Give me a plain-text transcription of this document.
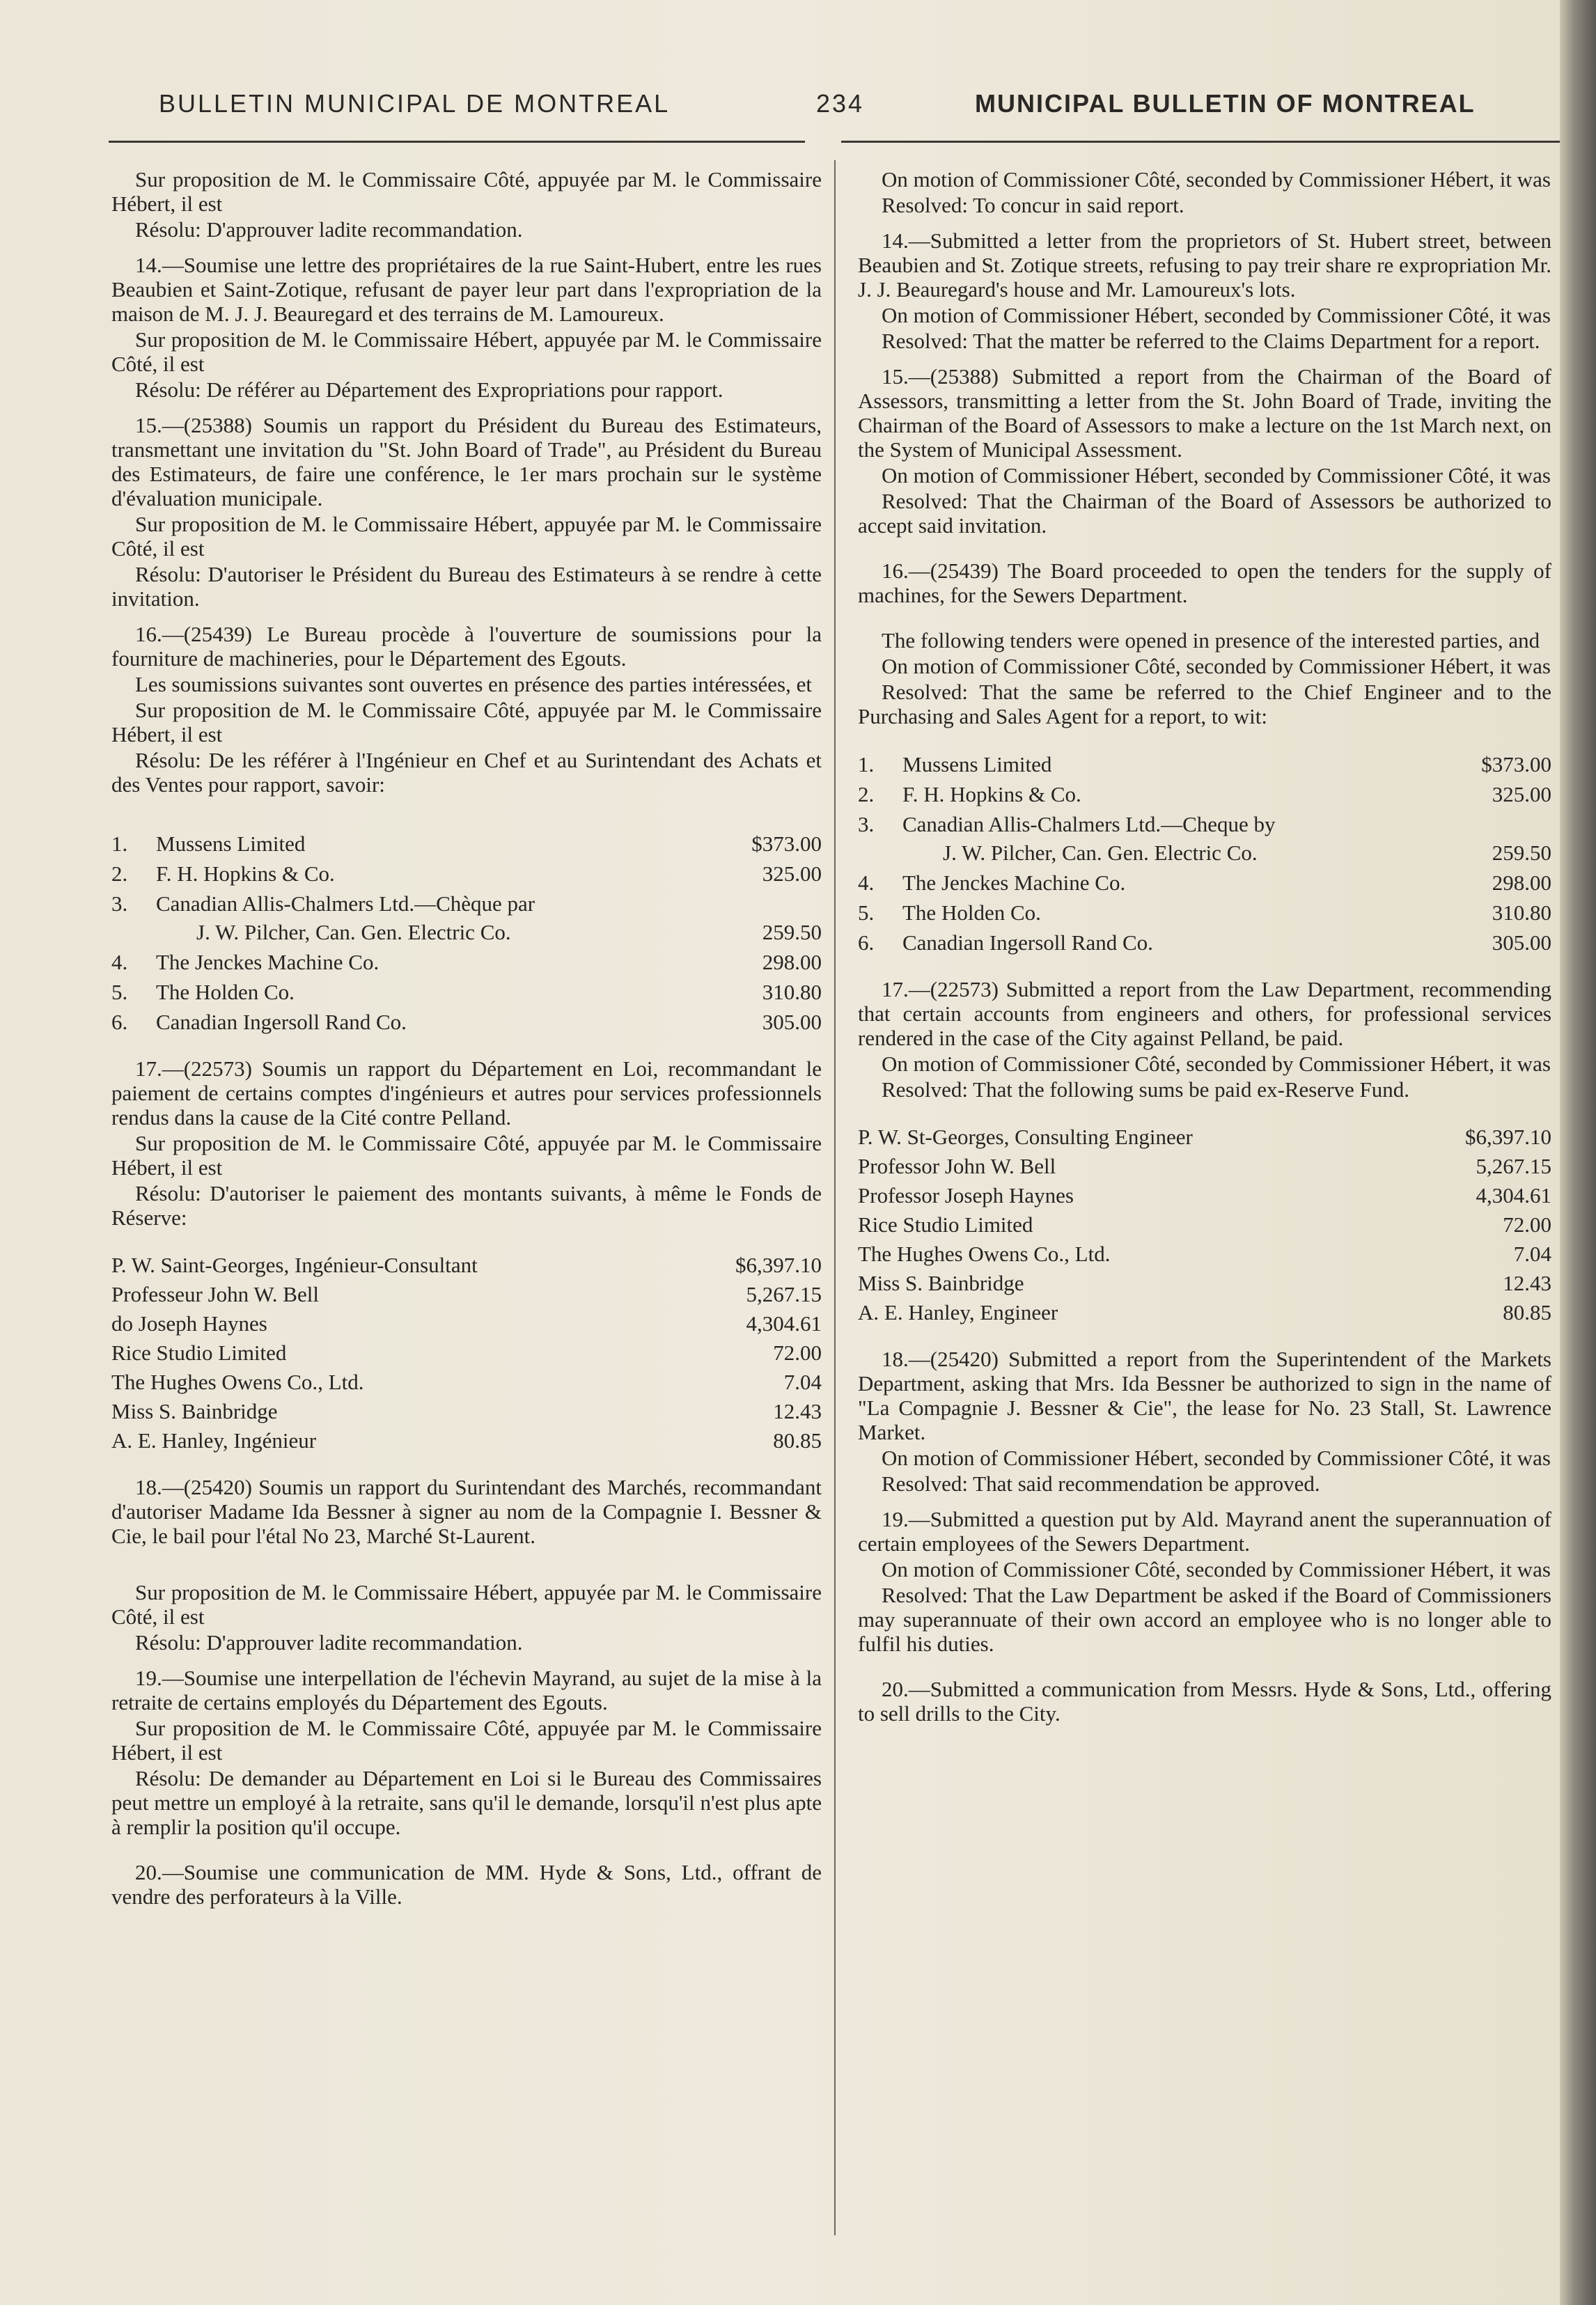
BULLETIN MUNICIPAL DE MONTREAL	234	MUNICIPAL BULLETIN OF MONTREAL

Sur proposition de M. le Commissaire Côté, appuyée par M. le Commissaire Hébert, il est

Résolu: D'approuver ladite recommandation.

14.—Soumise une lettre des propriétaires de la rue Saint-Hubert, entre les rues Beaubien et Saint-Zotique, refusant de payer leur part dans l'expropriation de la maison de M. J. J. Beauregard et des terrains de M. Lamoureux.

Sur proposition de M. le Commissaire Hébert, appuyée par M. le Commissaire Côté, il est

Résolu: De référer au Département des Expropriations pour rapport.

15.—(25388) Soumis un rapport du Président du Bureau des Estimateurs, transmettant une invitation du "St. John Board of Trade", au Président du Bureau des Estimateurs, de faire une conférence, le 1er mars prochain sur le système d'évaluation municipale.

Sur proposition de M. le Commissaire Hébert, appuyée par M. le Commissaire Côté, il est

Résolu: D'autoriser le Président du Bureau des Estimateurs à se rendre à cette invitation.

16.—(25439) Le Bureau procède à l'ouverture de soumissions pour la fourniture de machineries, pour le Département des Egouts.

Les soumissions suivantes sont ouvertes en présence des parties intéressées, et

Sur proposition de M. le Commissaire Côté, appuyée par M. le Commissaire Hébert, il est

Résolu: De les référer à l'Ingénieur en Chef et au Surintendant des Achats et des Ventes pour rapport, savoir:

1.	Mussens Limited	$373.00
2.	F. H. Hopkins & Co.	325.00
3.	Canadian Allis-Chalmers Ltd.—Chèque par
J. W. Pilcher, Can. Gen. Electric Co.	259.50
4.	The Jenckes Machine Co.	298.00
5.	The Holden Co.	310.80
6.	Canadian Ingersoll Rand Co.	305.00

17.—(22573) Soumis un rapport du Département en Loi, recommandant le paiement de certains comptes d'ingénieurs et autres pour services professionnels rendus dans la cause de la Cité contre Pelland.

Sur proposition de M. le Commissaire Côté, appuyée par M. le Commissaire Hébert, il est

Résolu: D'autoriser le paiement des montants suivants, à même le Fonds de Réserve:

P. W. Saint-Georges, Ingénieur-Consultant	$6,397.10
Professeur John W. Bell	5,267.15
do Joseph Haynes	4,304.61
Rice Studio Limited	72.00
The Hughes Owens Co., Ltd.	7.04
Miss S. Bainbridge	12.43
A. E. Hanley, Ingénieur	80.85

18.—(25420) Soumis un rapport du Surintendant des Marchés, recommandant d'autoriser Madame Ida Bessner à signer au nom de la Compagnie I. Bessner & Cie, le bail pour l'étal No 23, Marché St-Laurent.

Sur proposition de M. le Commissaire Hébert, appuyée par M. le Commissaire Côté, il est

Résolu: D'approuver ladite recommandation.

19.—Soumise une interpellation de l'échevin Mayrand, au sujet de la mise à la retraite de certains employés du Département des Egouts.

Sur proposition de M. le Commissaire Côté, appuyée par M. le Commissaire Hébert, il est

Résolu: De demander au Département en Loi si le Bureau des Commissaires peut mettre un employé à la retraite, sans qu'il le demande, lorsqu'il n'est plus apte à remplir la position qu'il occupe.

20.—Soumise une communication de MM. Hyde & Sons, Ltd., offrant de vendre des perforateurs à la Ville.

On motion of Commissioner Côté, seconded by Commissioner Hébert, it was

Resolved: To concur in said report.

14.—Submitted a letter from the proprietors of St. Hubert street, between Beaubien and St. Zotique streets, refusing to pay treir share re expropriation Mr. J. J. Beauregard's house and Mr. Lamoureux's lots.

On motion of Commissioner Hébert, seconded by Commissioner Côté, it was

Resolved: That the matter be referred to the Claims Department for a report.

15.—(25388) Submitted a report from the Chairman of the Board of Assessors, transmitting a letter from the St. John Board of Trade, inviting the Chairman of the Board of Assessors to make a lecture on the 1st March next, on the System of Municipal Assessment.

On motion of Commissioner Hébert, seconded by Commissioner Côté, it was

Resolved: That the Chairman of the Board of Assessors be authorized to accept said invitation.

16.—(25439) The Board proceeded to open the tenders for the supply of machines, for the Sewers Department.

The following tenders were opened in presence of the interested parties, and

On motion of Commissioner Côté, seconded by Commissioner Hébert, it was

Resolved: That the same be referred to the Chief Engineer and to the Purchasing and Sales Agent for a report, to wit:

1.	Mussens Limited	$373.00
2.	F. H. Hopkins & Co.	325.00
3.	Canadian Allis-Chalmers Ltd.—Cheque by
J. W. Pilcher, Can. Gen. Electric Co.	259.50
4.	The Jenckes Machine Co.	298.00
5.	The Holden Co.	310.80
6.	Canadian Ingersoll Rand Co.	305.00

17.—(22573) Submitted a report from the Law Department, recommending that certain accounts from engineers and others, for professional services rendered in the case of the City against Pelland, be paid.

On motion of Commissioner Côté, seconded by Commissioner Hébert, it was

Resolved: That the following sums be paid ex-Reserve Fund.

P. W. St-Georges, Consulting Engineer	$6,397.10
Professor John W. Bell	5,267.15
Professor Joseph Haynes	4,304.61
Rice Studio Limited	72.00
The Hughes Owens Co., Ltd.	7.04
Miss S. Bainbridge	12.43
A. E. Hanley, Engineer	80.85

18.—(25420) Submitted a report from the Superintendent of the Markets Department, asking that Mrs. Ida Bessner be authorized to sign in the name of "La Compagnie J. Bessner & Cie", the lease for No. 23 Stall, St. Lawrence Market.

On motion of Commissioner Hébert, seconded by Commissioner Côté, it was

Resolved: That said recommendation be approved.

19.—Submitted a question put by Ald. Mayrand anent the superannuation of certain employees of the Sewers Department.

On motion of Commissioner Côté, seconded by Commissioner Hébert, it was

Resolved: That the Law Department be asked if the Board of Commissioners may superannuate of their own accord an employee who is no longer able to fulfil his duties.

20.—Submitted a communication from Messrs. Hyde & Sons, Ltd., offering to sell drills to the City.
